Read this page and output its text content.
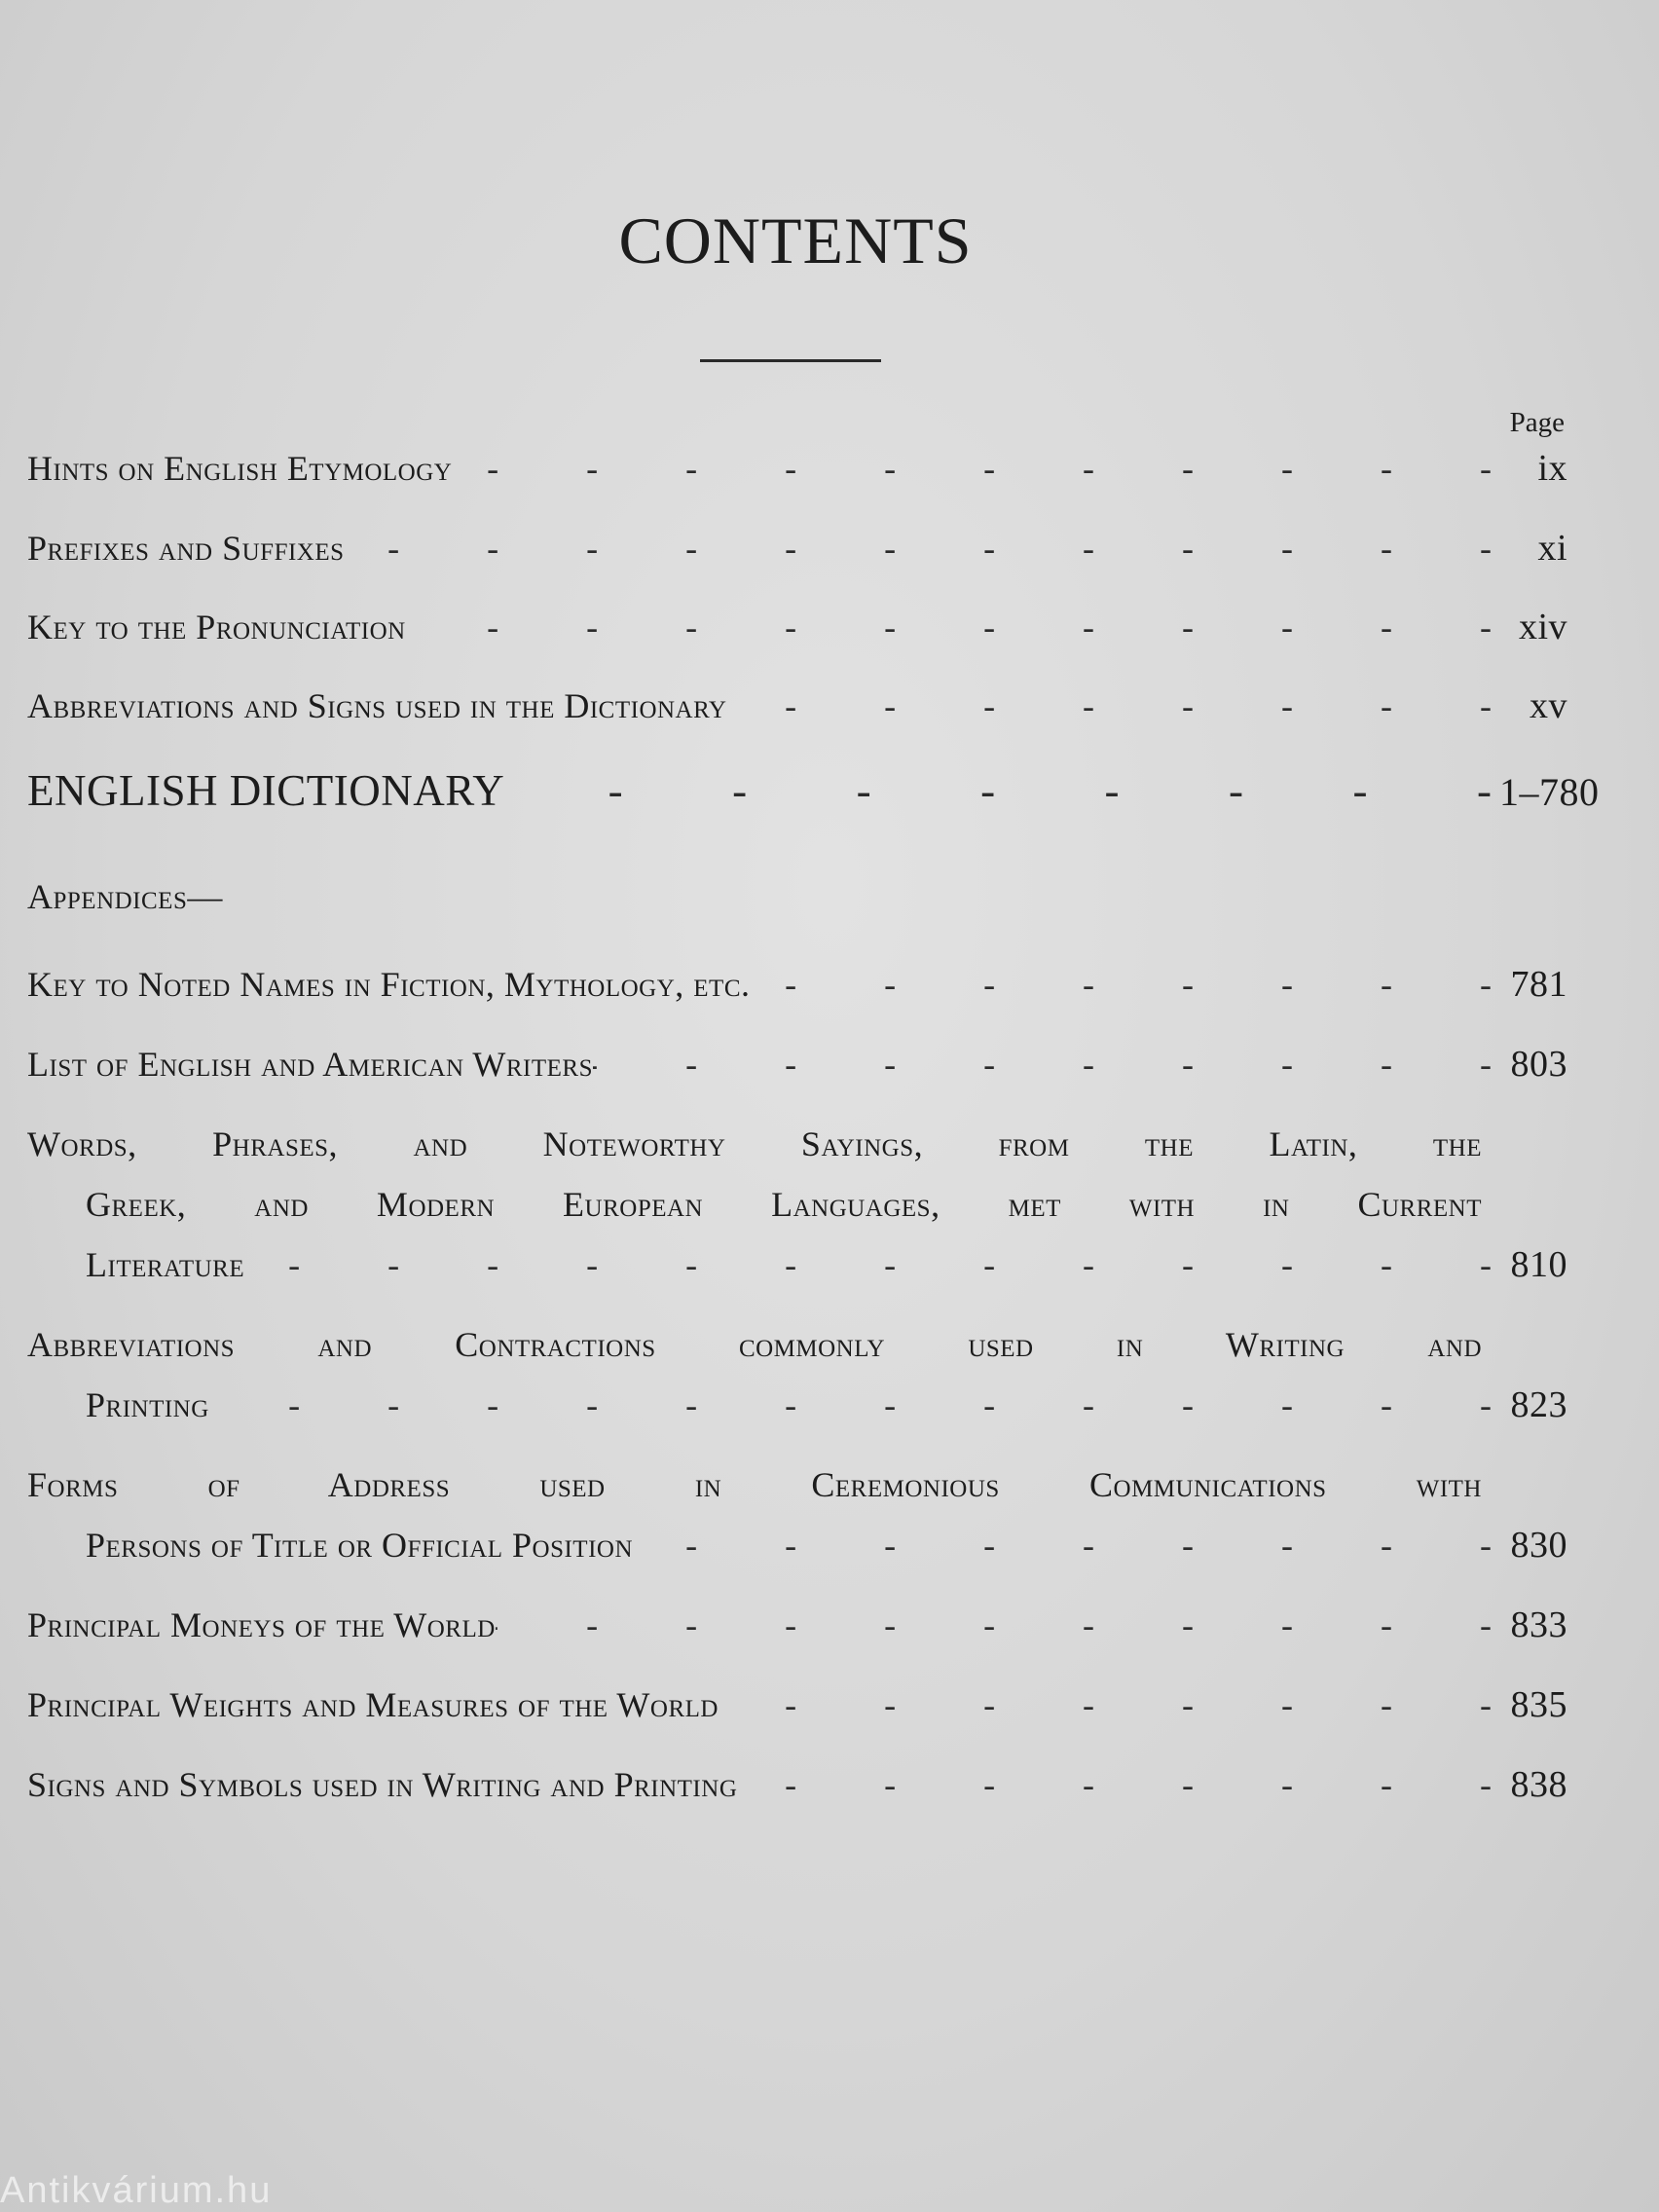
CONTENTS
Page
Hints on English Etymology -	ix
Prefixes and Suffixes -	xi
Key to the Pronunciation -	xiv
Abbreviations and Signs used in the Dictionary -	xv
ENGLISH DICTIONARY -	1–780
Appendices—
Key to Noted Names in Fiction, Mythology, etc. -	781
List of English and American Writers -	803
Words, Phrases, and Noteworthy Sayings, from the Latin, the
Greek, and Modern European Languages, met with in Current
Literature -	810
Abbreviations and Contractions commonly used in Writing and
Printing -	823
Forms of Address used in Ceremonious Communications with
Persons of Title or Official Position -	830
Principal Moneys of the World -	833
Principal Weights and Measures of the World -	835
Signs and Symbols used in Writing and Printing -	838
Antikvárium.hu
